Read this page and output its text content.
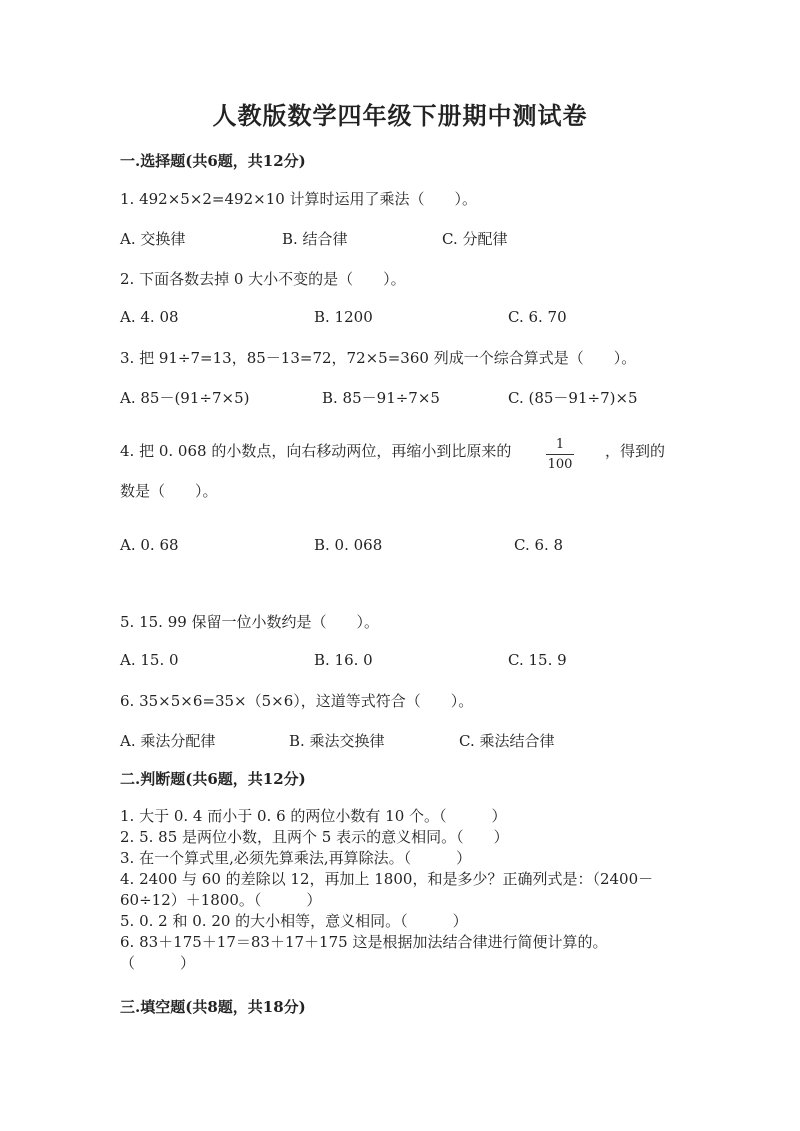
人教版数学四年级下册期中测试卷
一.选择题(共6题，共12分)
1. 492×5×2=492×10 计算时运用了乘法（　　）。
A. 交换律	B. 结合律	C. 分配律
2. 下面各数去掉 0 大小不变的是（　　）。
A. 4. 08	B. 1200	C. 6. 70
3. 把 91÷7=13，85－13=72，72×5=360 列成一个综合算式是（　　）。
A. 85－(91÷7×5)	B. 85－91÷7×5	C. (85－91÷7)×5
4. 把 0. 068 的小数点，向右移动两位，再缩小到比原来的	$\frac{1}{100}$ ，得到的
数是（　　）。
A. 0. 68	B. 0. 068	C. 6. 8
5. 15. 99 保留一位小数约是（　　）。
A. 15. 0	B. 16. 0	C. 15. 9
6. 35×5×6=35×（5×6），这道等式符合（　　）。
A. 乘法分配律	B. 乘法交换律	C. 乘法结合律
二.判断题(共6题，共12分)
1. 大于 0. 4 而小于 0. 6 的两位小数有 10 个。（　　　）
2. 5. 85 是两位小数，且两个 5 表示的意义相同。（　　）
3. 在一个算式里,必须先算乘法,再算除法。（　　　）
4. 2400 与 60 的差除以 12，再加上 1800，和是多少？正确列式是：（2400－
60÷12）＋1800。（　　　）
5. 0. 2 和 0. 20 的大小相等，意义相同。（　　　）
6. 83＋175＋17＝83＋17＋175 这是根据加法结合律进行简便计算的。
（　　　）
三.填空题(共8题，共18分)
